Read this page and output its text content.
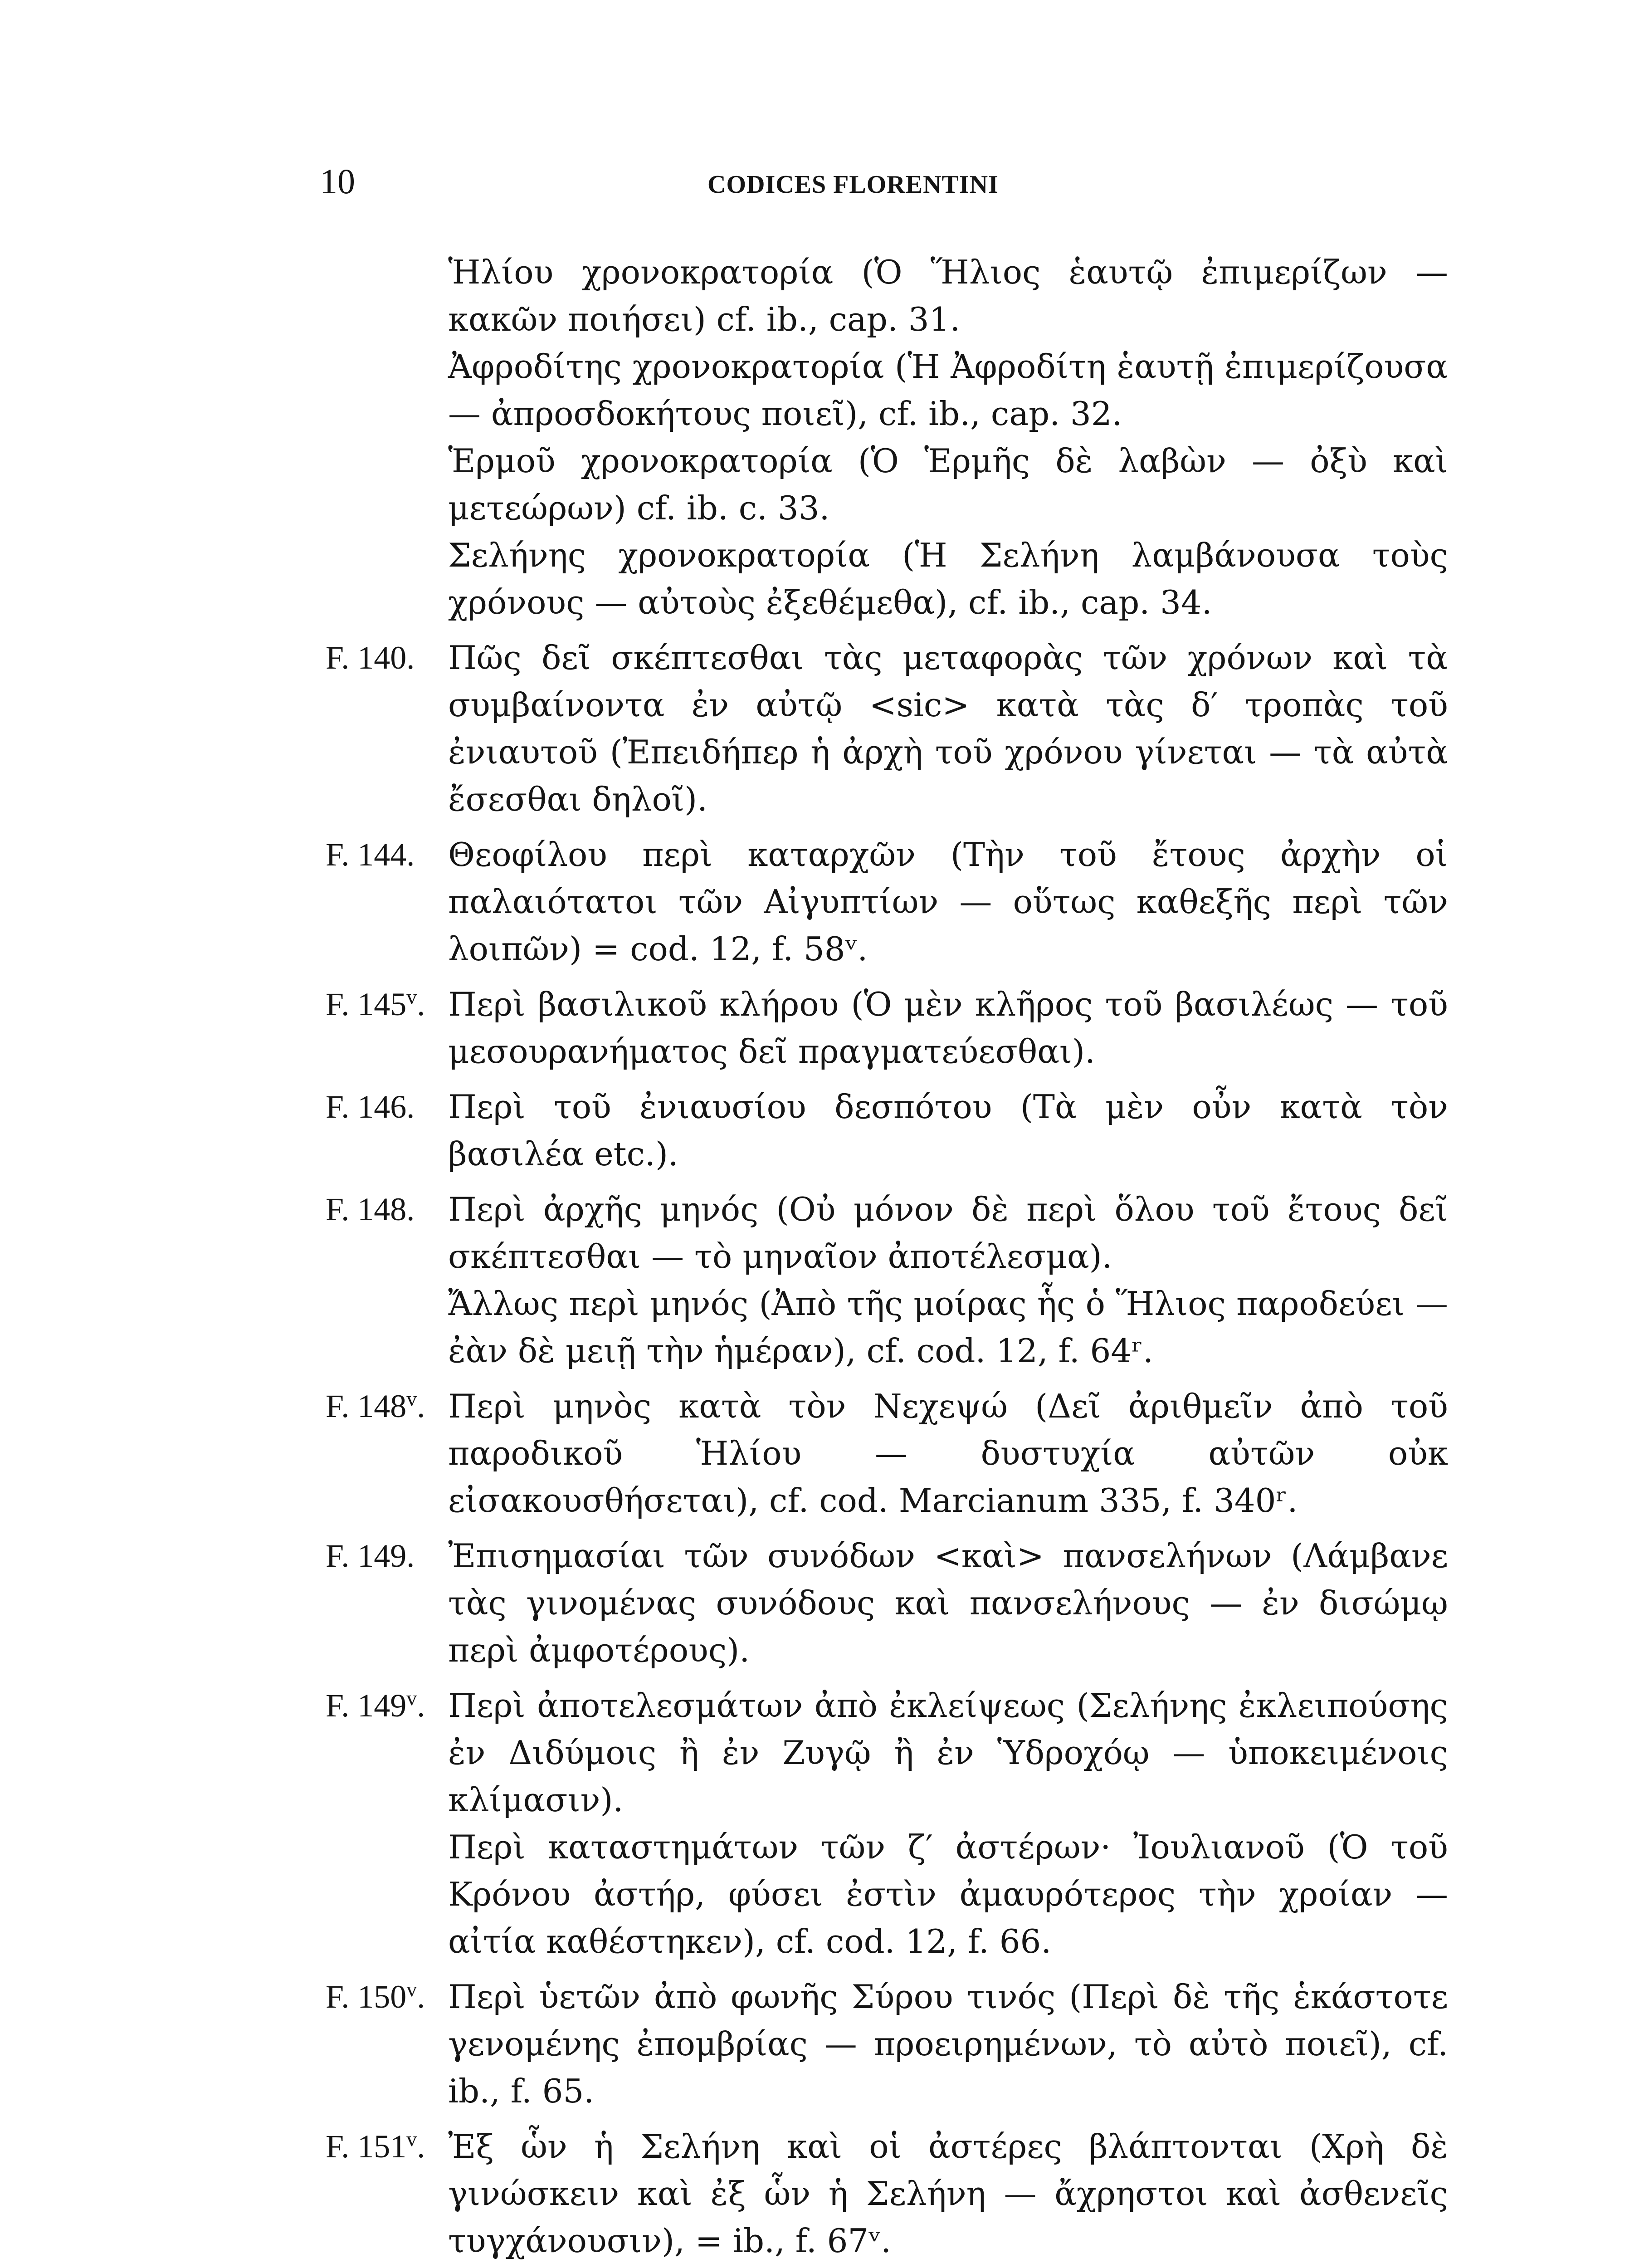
10	CODICES FLORENTINI
Ἡλίου χρονοκρατορία (Ὁ Ἥλιος ἑαυτῷ ἐπιμερίζων — κακῶν ποιήσει) cf. ib., cap. 31.
Ἀφροδίτης χρονοκρατορία (Ἡ Ἀφροδίτη ἑαυτῇ ἐπιμερίζουσα — ἀπροσδοκήτους ποιεῖ), cf. ib., cap. 32.
Ἑρμοῦ χρονοκρατορία (Ὁ Ἑρμῆς δὲ λαβὼν — ὀξὺ καὶ μετεώρων) cf. ib. c. 33.
Σελήνης χρονοκρατορία (Ἡ Σελήνη λαμβάνουσα τοὺς χρόνους — αὐτοὺς ἐξεθέμεθα), cf. ib., cap. 34.
F. 140.	Πῶς δεῖ σκέπτεσθαι τὰς μεταφορὰς τῶν χρόνων καὶ τὰ συμβαίνοντα ἐν αὐτῷ <sic> κατὰ τὰς δ′ τροπὰς τοῦ ἐνιαυτοῦ (Ἐπειδήπερ ἡ ἀρχὴ τοῦ χρόνου γίνεται — τὰ αὐτὰ ἔσεσθαι δηλοῖ).
F. 144.	Θεοφίλου περὶ καταρχῶν (Τὴν τοῦ ἔτους ἀρχὴν οἱ παλαιότατοι τῶν Αἰγυπτίων — οὕτως καθεξῆς περὶ τῶν λοιπῶν) = cod. 12, f. 58ᵛ.
F. 145$^v$. Περὶ βασιλικοῦ κλήρου (Ὁ μὲν κλῆρος τοῦ βασιλέως — τοῦ μεσουρανήματος δεῖ πραγματεύεσθαι).
F. 146.	Περὶ τοῦ ἐνιαυσίου δεσπότου (Τὰ μὲν οὖν κατὰ τὸν βασιλέα etc.).
F. 148.	Περὶ ἀρχῆς μηνός (Οὐ μόνον δὲ περὶ ὅλου τοῦ ἔτους δεῖ σκέπτεσθαι — τὸ μηναῖον ἀποτέλεσμα).
Ἄλλως περὶ μηνός (Ἀπὸ τῆς μοίρας ἧς ὁ Ἥλιος παροδεύει — ἐὰν δὲ μειῇ τὴν ἡμέραν), cf. cod. 12, f. 64ʳ.
F. 148$^v$. Περὶ μηνὸς κατὰ τὸν Νεχεψώ (Δεῖ ἀριθμεῖν ἀπὸ τοῦ παροδικοῦ Ἡλίου — δυστυχία αὐτῶν οὐκ εἰσακουσθήσεται), cf. cod. Marcianum 335, f. 340ʳ.
F. 149.	Ἐπισημασίαι τῶν συνόδων <καὶ> πανσελήνων (Λάμβανε τὰς γινομένας συνόδους καὶ πανσελήνους — ἐν δισώμῳ περὶ ἀμφοτέρους).
F. 149$^v$. Περὶ ἀποτελεσμάτων ἀπὸ ἐκλείψεως (Σελήνης ἐκλειπούσης ἐν Διδύμοις ἢ ἐν Ζυγῷ ἢ ἐν Ὑδροχόῳ — ὑποκειμένοις κλίμασιν).
Περὶ καταστημάτων τῶν ζ′ ἀστέρων· Ἰουλιανοῦ (Ὁ τοῦ Κρόνου ἀστήρ, φύσει ἐστὶν ἀμαυρότερος τὴν χροίαν — αἰτία καθέστηκεν), cf. cod. 12, f. 66.
F. 150$^v$. Περὶ ὑετῶν ἀπὸ φωνῆς Σύρου τινός (Περὶ δὲ τῆς ἑκάστοτε γενομένης ἐπομβρίας — προειρημένων, τὸ αὐτὸ ποιεῖ), cf. ib., f. 65.
F. 151$^v$. Ἐξ ὧν ἡ Σελήνη καὶ οἱ ἀστέρες βλάπτονται (Χρὴ δὲ γινώσκειν καὶ ἐξ ὧν ἡ Σελήνη — ἄχρηστοι καὶ ἀσθενεῖς τυγχάνουσιν), = ib., f. 67ᵛ.
